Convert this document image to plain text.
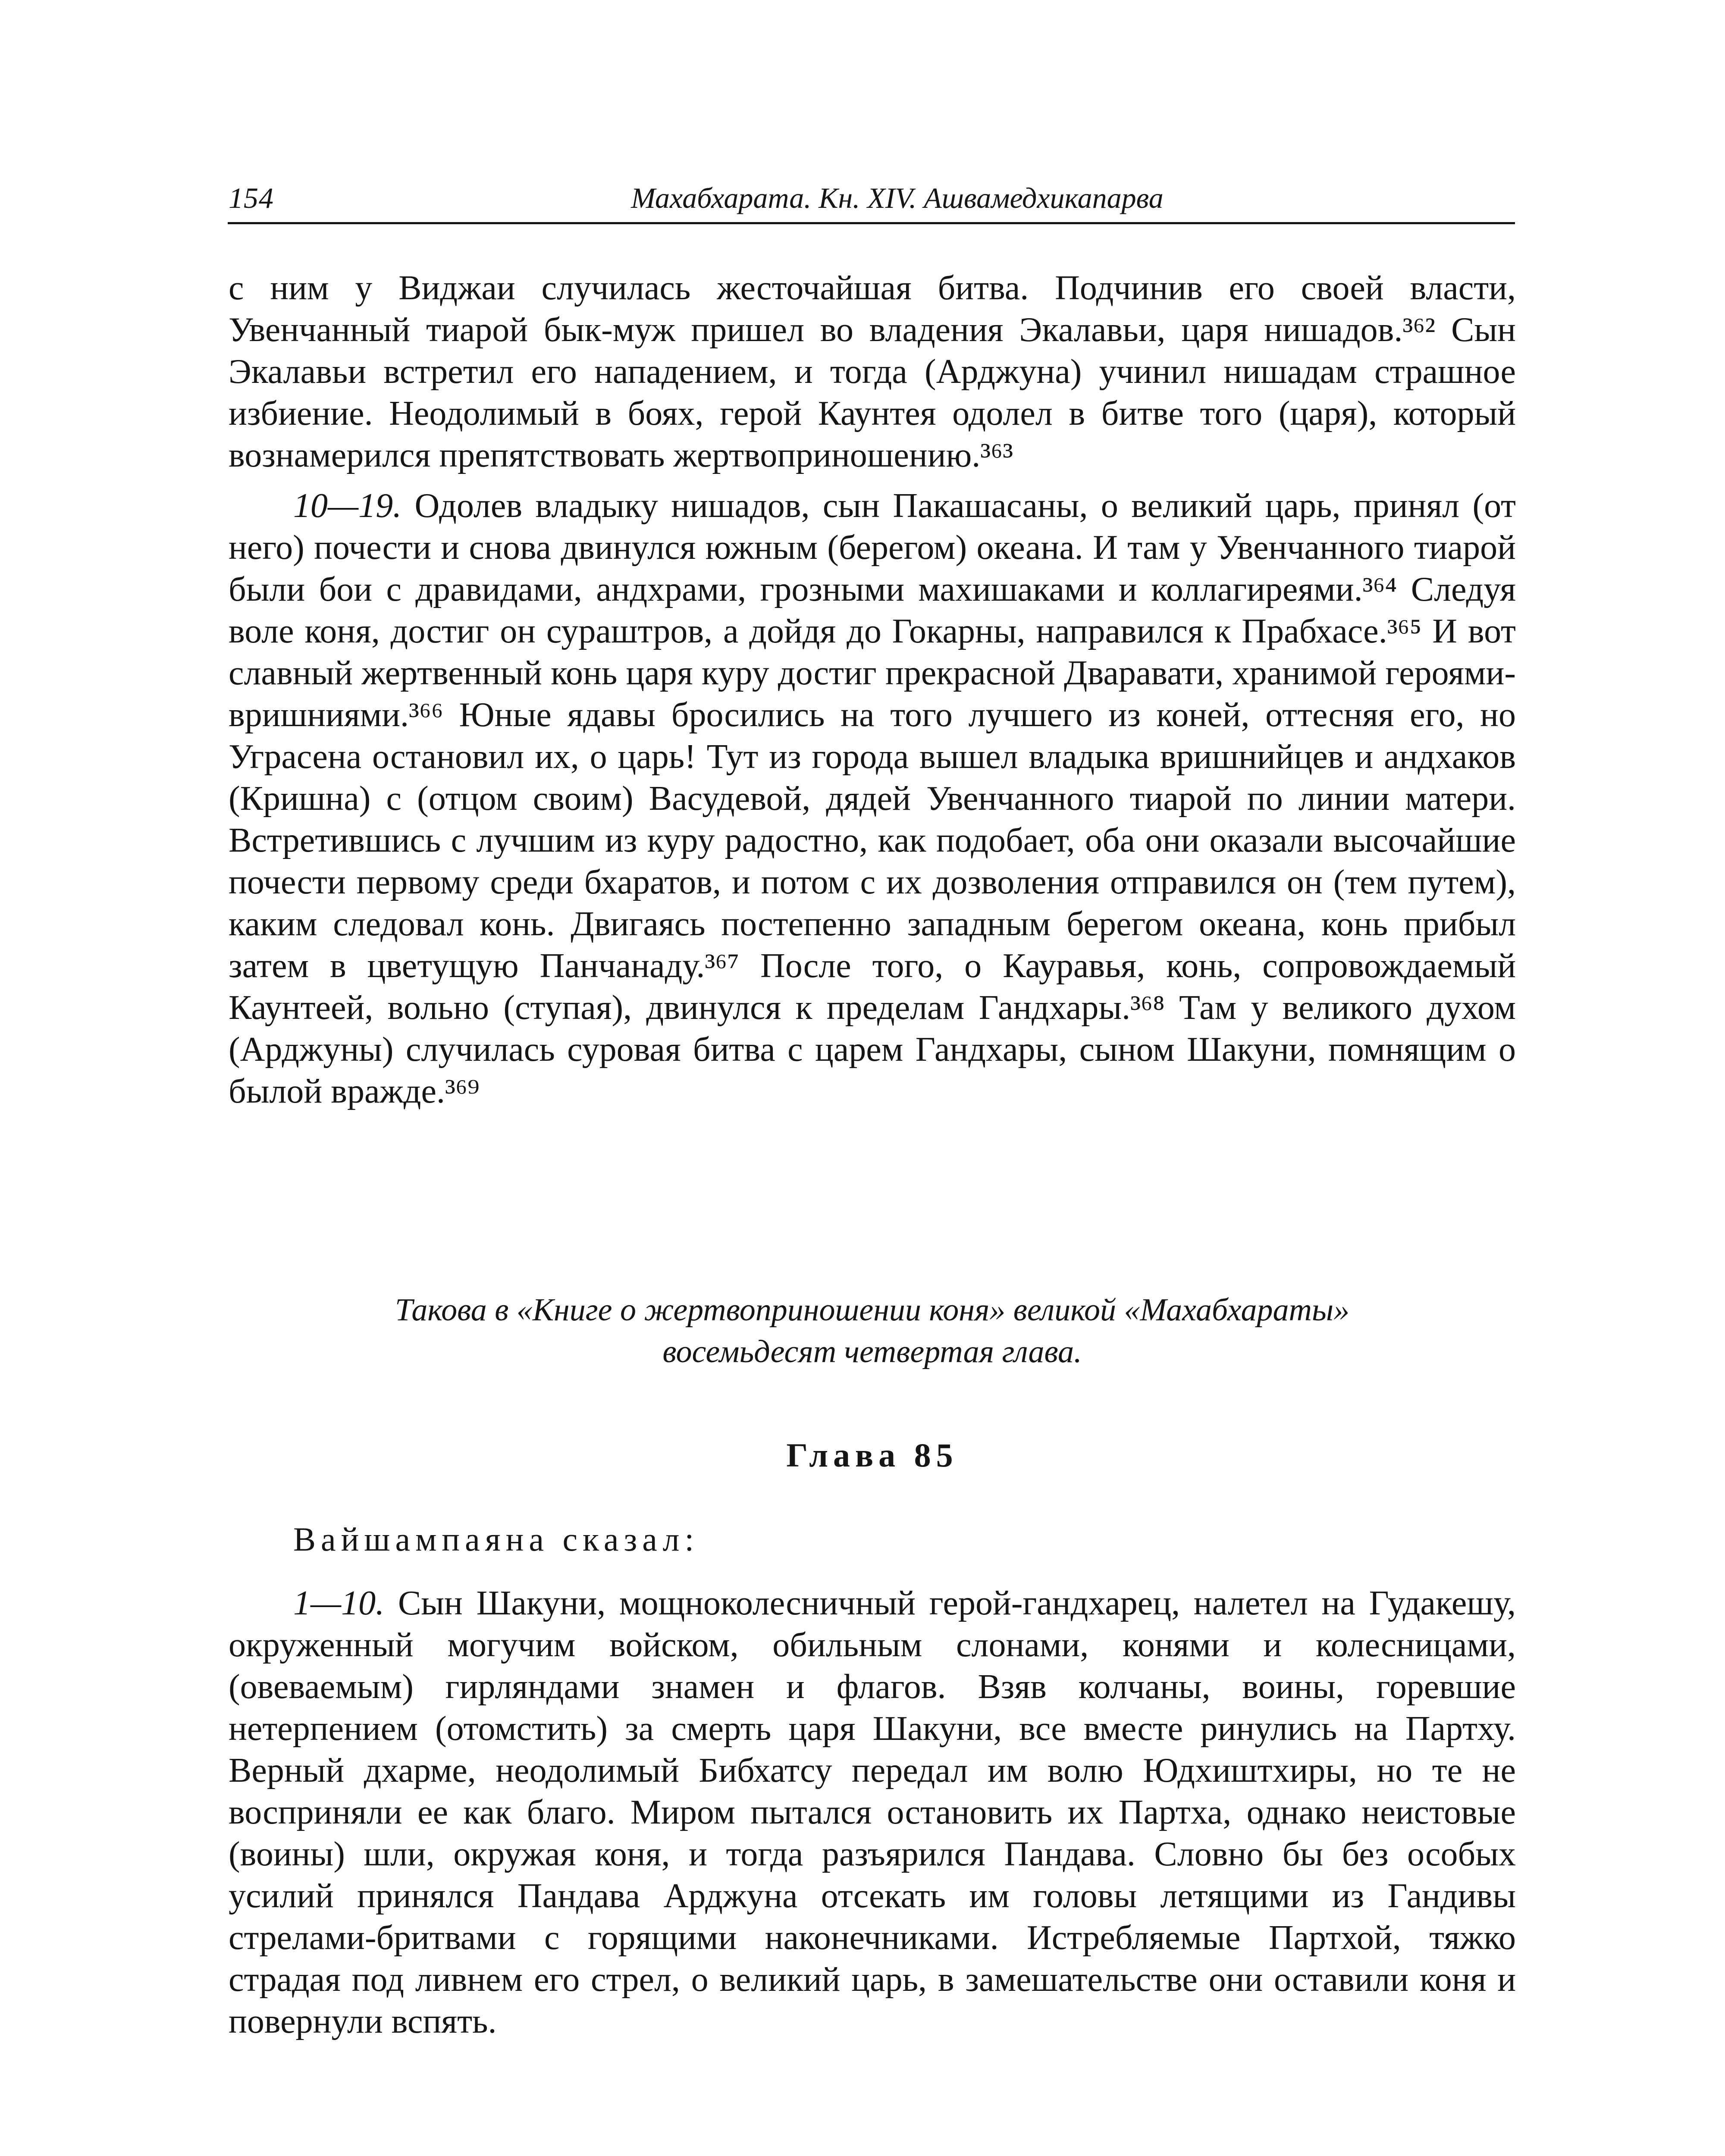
154	Махабхарата. Кн. XIV. Ашвамедхикапарва

с ним у Виджаи случилась жесточайшая битва. Подчинив его своей власти, Увенчанный тиарой бык-муж пришел во владения Экалавьи, царя нишадов.³⁶² Сын Экалавьи встретил его нападением, и тогда (Арджуна) учинил нишадам страшное избиение. Неодолимый в боях, герой Каунтея одолел в битве того (царя), который вознамерился препятствовать жертвоприношению.³⁶³

10—19. Одолев владыку нишадов, сын Пакашасаны, о великий царь, принял (от него) почести и снова двинулся южным (берегом) океана. И там у Увенчанного тиарой были бои с дравидами, андхрами, грозными махишаками и коллагиреями.³⁶⁴ Следуя воле коня, достиг он сураштров, а дойдя до Гокарны, направился к Прабхасе.³⁶⁵ И вот славный жертвенный конь царя куру достиг прекрасной Дваравати, хранимой героями-вришниями.³⁶⁶ Юные ядавы бросились на того лучшего из коней, оттесняя его, но Уграсена остановил их, о царь! Тут из города вышел владыка вришнийцев и андхаков (Кришна) с (отцом своим) Васудевой, дядей Увенчанного тиарой по линии матери. Встретившись с лучшим из куру радостно, как подобает, оба они оказали высочайшие почести первому среди бхаратов, и потом с их дозволения отправился он (тем путем), каким следовал конь. Двигаясь постепенно западным берегом океана, конь прибыл затем в цветущую Панчанаду.³⁶⁷ После того, о Кауравья, конь, сопровождаемый Каунтеей, вольно (ступая), двинулся к пределам Гандхары.³⁶⁸ Там у великого духом (Арджуны) случилась суровая битва с царем Гандхары, сыном Шакуни, помнящим о былой вражде.³⁶⁹

Такова в «Книге о жертвоприношении коня» великой «Махабхараты»
восемьдесят четвертая глава.

Глава 85

Вайшампаяна сказал:

1—10. Сын Шакуни, мощноколесничный герой-гандхарец, налетел на Гудакешу, окруженный могучим войском, обильным слонами, конями и колесницами, (овеваемым) гирляндами знамен и флагов. Взяв колчаны, воины, горевшие нетерпением (отомстить) за смерть царя Шакуни, все вместе ринулись на Партху. Верный дхарме, неодолимый Бибхатсу передал им волю Юдхиштхиры, но те не восприняли ее как благо. Миром пытался остановить их Партха, однако неистовые (воины) шли, окружая коня, и тогда разъярился Пандава. Словно бы без особых усилий принялся Пандава Арджуна отсекать им головы летящими из Гандивы стрелами-бритвами с горящими наконечниками. Истребляемые Партхой, тяжко страдая под ливнем его стрел, о великий царь, в замешательстве они оставили коня и повернули вспять.
